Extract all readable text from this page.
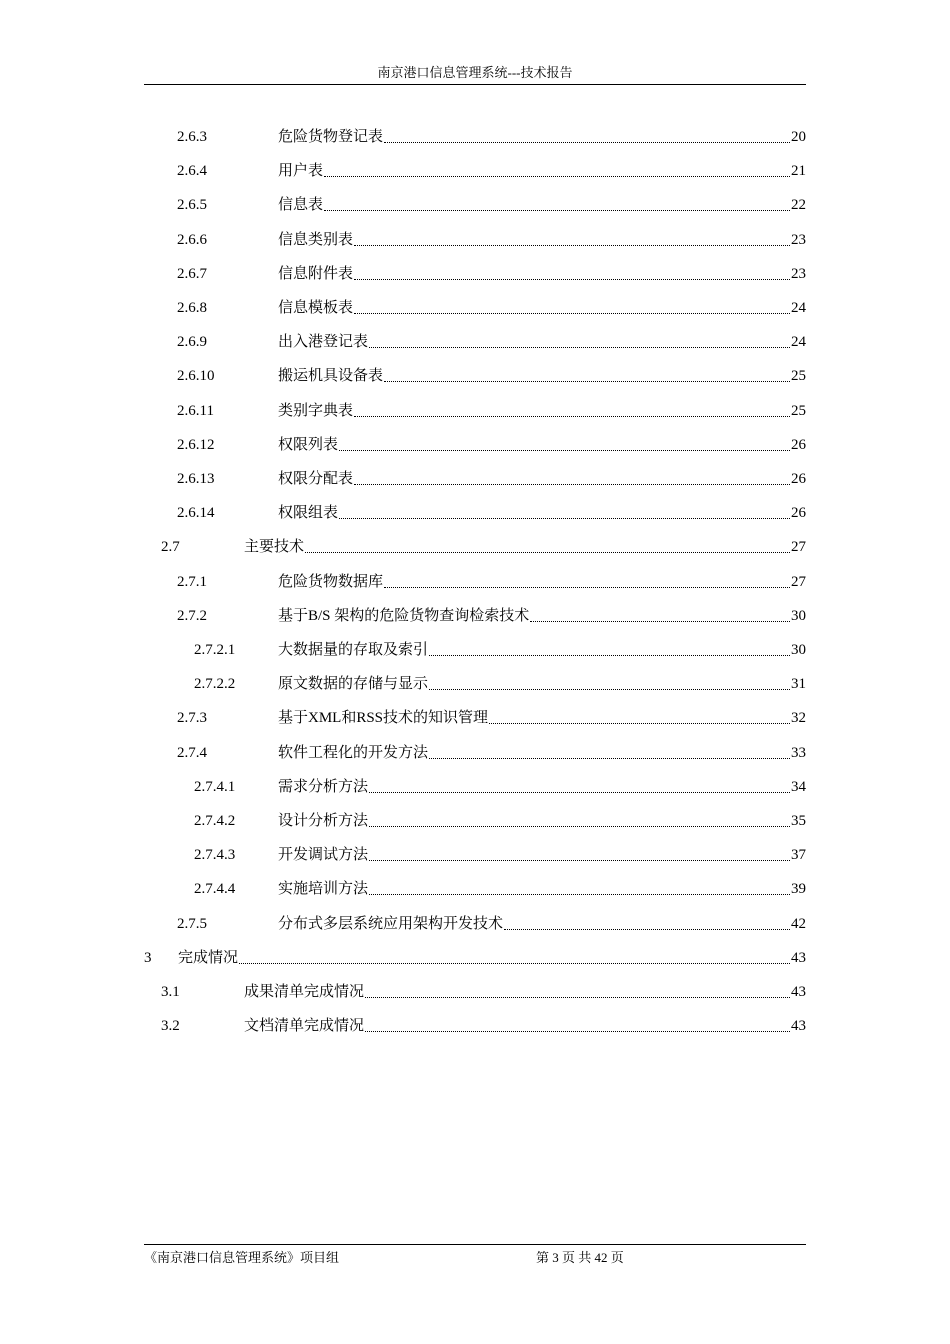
南京港口信息管理系统---技术报告
2.6.3	危险货物登记表	20
2.6.4	用户表	21
2.6.5	信息表	22
2.6.6	信息类别表	23
2.6.7	信息附件表	23
2.6.8	信息模板表	24
2.6.9	出入港登记表	24
2.6.10	搬运机具设备表	25
2.6.11	类别字典表	25
2.6.12	权限列表	26
2.6.13	权限分配表	26
2.6.14	权限组表	26
2.7	主要技术	27
2.7.1	危险货物数据库	27
2.7.2	基于B/S 架构的危险货物查询检索技术	30
2.7.2.1	大数据量的存取及索引	30
2.7.2.2	原文数据的存储与显示	31
2.7.3	基于XML和RSS技术的知识管理	32
2.7.4	软件工程化的开发方法	33
2.7.4.1	需求分析方法	34
2.7.4.2	设计分析方法	35
2.7.4.3	开发调试方法	37
2.7.4.4	实施培训方法	39
2.7.5	分布式多层系统应用架构开发技术	42
3	完成情况	43
3.1	成果清单完成情况	43
3.2	文档清单完成情况	43
《南京港口信息管理系统》项目组	第 3 页 共 42 页
